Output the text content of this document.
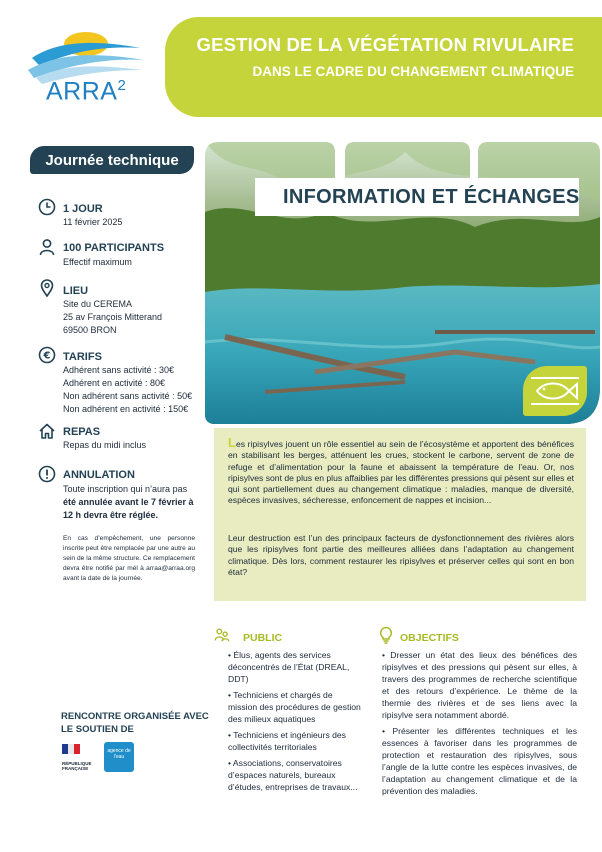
GESTION DE LA VÉGÉTATION RIVULAIRE
DANS LE CADRE DU CHANGEMENT CLIMATIQUE
ARRA$^2$
Journée technique
1 JOUR
11 février 2025
100 PARTICIPANTS
Effectif maximum
LIEU
Site du CEREMA
25 av François Mitterand
69500 BRON
€ TARIFS
Adhérent sans activité : 30€
Adhérent en activité : 80€
Non adhérent sans activité : 50€
Non adhérent en activité : 150€
REPAS
Repas du midi inclus
ANNULATION
Toute inscription qui n’aura pas
été annulée avant le 7 février à
12 h devra être réglée.
En cas d’empêchement, une personne inscrite peut être remplacée par une autre au sein de la même structure. Ce remplacement devra être notifié par mél à arraa@arraa.org avant la date de la journée.
RENCONTRE ORGANISÉE AVEC
LE SOUTIEN DE
RÉPUBLIQUE FRANÇAISE
agence de l'eau
INFORMATION ET ÉCHANGES
Les ripisylves jouent un rôle essentiel au sein de l’écosystème et apportent des bénéfices en stabilisant les berges, atténuent les crues, stockent le carbone, servent de zone de refuge et d’alimentation pour la faune et abaissent la température de l’eau. Or, nos ripisylves sont de plus en plus affaiblies par les différentes pressions qui pèsent sur elles et qui sont partiellement dues au changement climatique : maladies, manque de diversité, espèces invasives, sécheresse, enfoncement de nappes et incision...
Leur destruction est l’un des principaux facteurs de dysfonctionnement des rivières alors que les ripisylves font partie des meilleures alliées dans l’adaptation au changement climatique. Dès lors, comment restaurer les ripisylves et préserver celles qui sont en bon état?
PUBLIC
• Élus, agents des services déconcentrés de l’État (DREAL, DDT)
• Techniciens et chargés de mission des procédures de gestion des milieux aquatiques
• Techniciens et ingénieurs des collectivités territoriales
• Associations, conservatoires d’espaces naturels, bureaux d’études, entreprises de travaux...
OBJECTIFS
• Dresser un état des lieux des bénéfices des ripisylves et des pressions qui pèsent sur elles, à travers des programmes de recherche scientifique et des retours d’expérience. Le thème de la thermie des rivières et de ses liens avec la ripisylve sera notamment abordé.
• Présenter les différentes techniques et les essences à favoriser dans les programmes de protection et restauration des ripisylves, sous l’angle de la lutte contre les espèces invasives, de l’adaptation au changement climatique et de la prévention des maladies.
